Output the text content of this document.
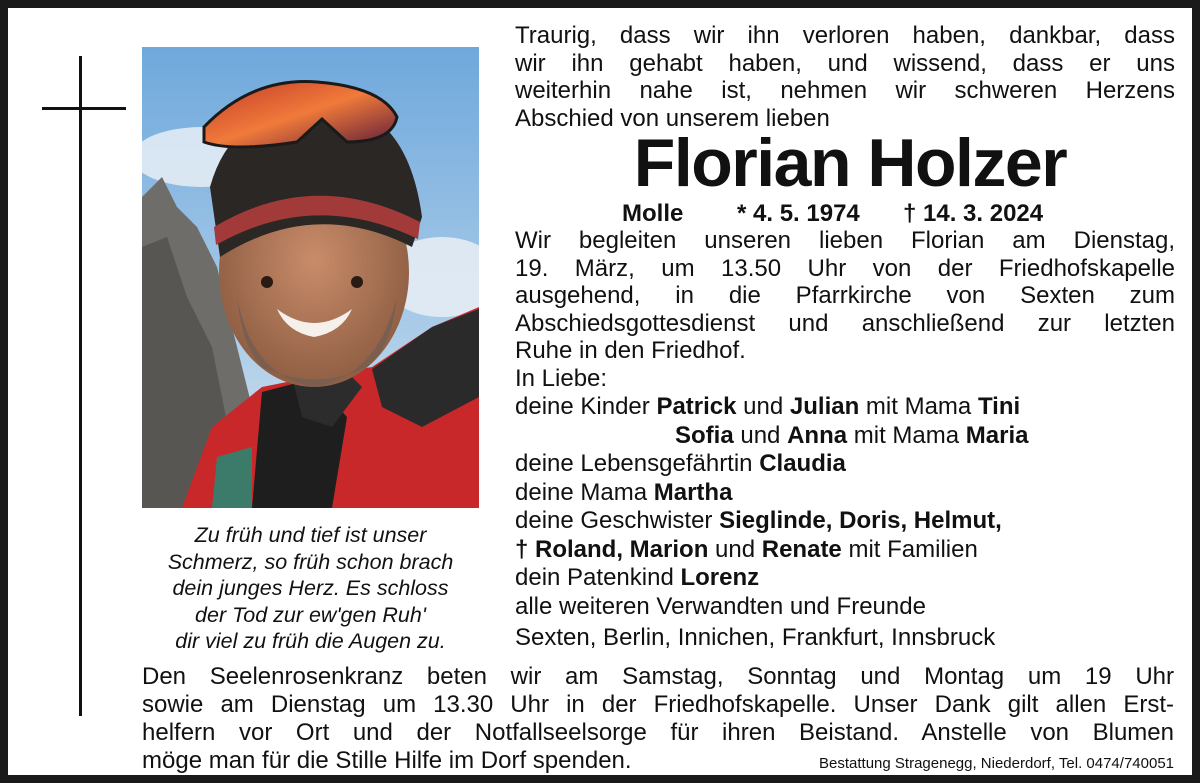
Zu früh und tief ist unser
Schmerz, so früh schon brach
dein junges Herz. Es schloss
der Tod zur ew'gen Ruh'
dir viel zu früh die Augen zu.
Traurig, dass wir ihn verloren haben, dankbar, dass
wir ihn gehabt haben, und wissend, dass er uns
weiterhin nahe ist, nehmen wir schweren Herzens
Abschied von unserem lieben
Florian Holzer
Molle * 4. 5. 1974 † 14. 3. 2024
Wir begleiten unseren lieben Florian am Dienstag,
19. März, um 13.50 Uhr von der Friedhofskapelle
ausgehend, in die Pfarrkirche von Sexten zum
Abschiedsgottesdienst und anschließend zur letzten
Ruhe in den Friedhof.
In Liebe:
deine Kinder Patrick und Julian mit Mama Tini
Sofia und Anna mit Mama Maria
deine Lebensgefährtin Claudia
deine Mama Martha
deine Geschwister Sieglinde, Doris, Helmut,
† Roland, Marion und Renate mit Familien
dein Patenkind Lorenz
alle weiteren Verwandten und Freunde
Sexten, Berlin, Innichen, Frankfurt, Innsbruck
Den Seelenrosenkranz beten wir am Samstag, Sonntag und Montag um 19 Uhr
sowie am Dienstag um 13.30 Uhr in der Friedhofskapelle. Unser Dank gilt allen Erst-
helfern vor Ort und der Notfallseelsorge für ihren Beistand. Anstelle von Blumen
möge man für die Stille Hilfe im Dorf spenden.	Bestattung Stragenegg, Niederdorf, Tel. 0474/740051
